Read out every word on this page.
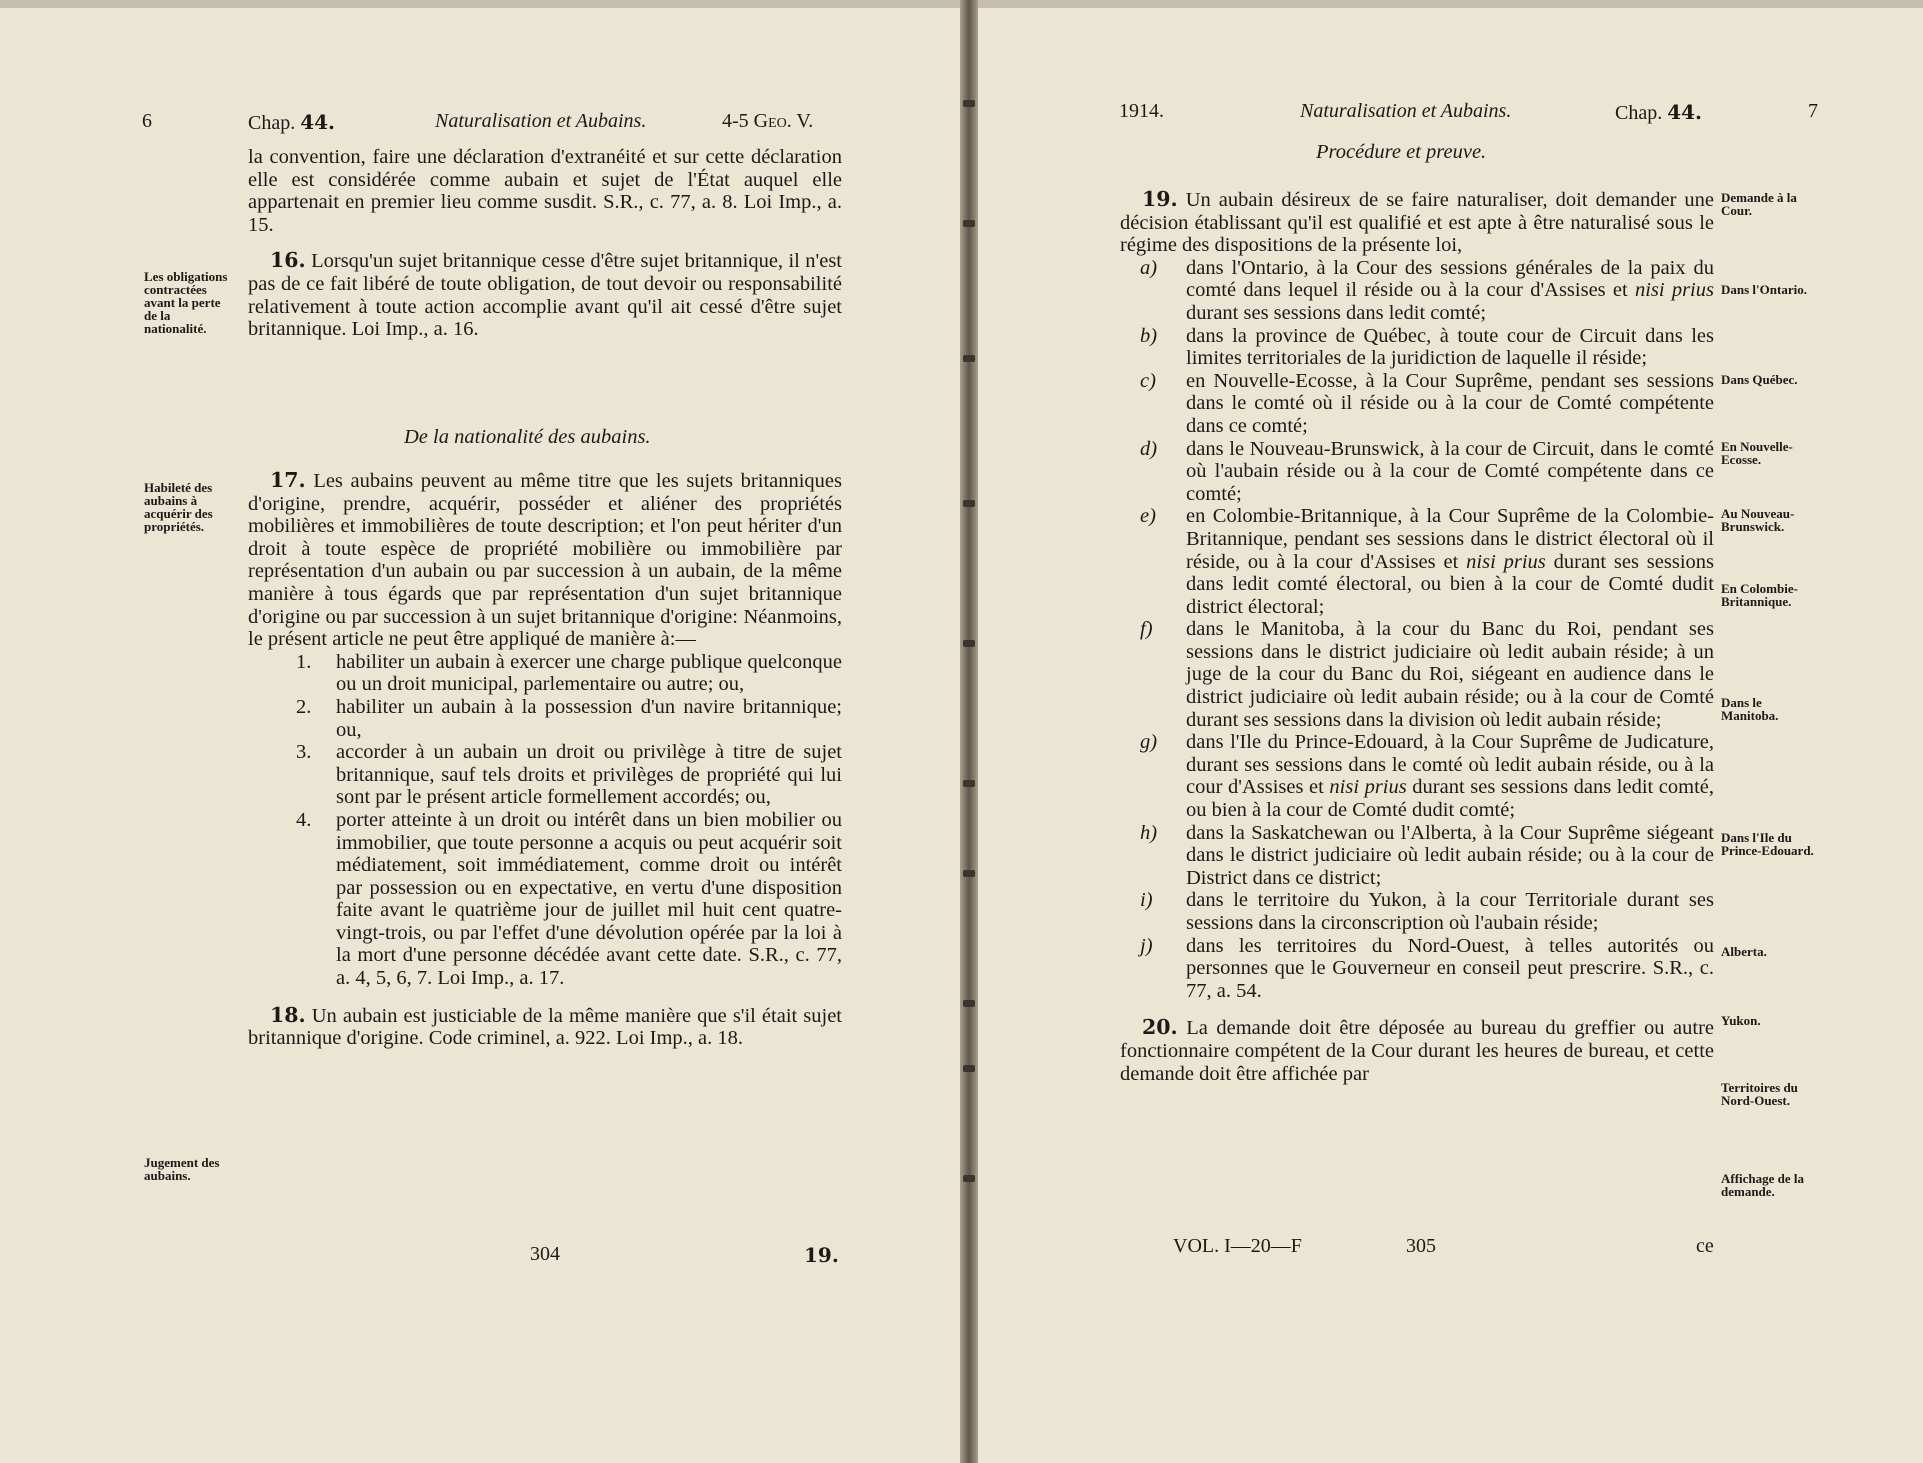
6	Chap. 44.	Naturalisation et Aubains.	4-5 Geo. V.

la convention, faire une déclaration d'extranéité et sur cette déclaration elle est considérée comme aubain et sujet de l'État auquel elle appartenait en premier lieu comme susdit. S.R., c. 77, a. 8. Loi Imp., a. 15.

16. Lorsqu'un sujet britannique cesse d'être sujet britannique, il n'est pas de ce fait libéré de toute obligation, de tout devoir ou responsabilité relativement à toute action accomplie avant qu'il ait cessé d'être sujet britannique. Loi Imp., a. 16.

De la nationalité des aubains.

17. Les aubains peuvent au même titre que les sujets britanniques d'origine, prendre, acquérir, posséder et aliéner des propriétés mobilières et immobilières de toute description; et l'on peut hériter d'un droit à toute espèce de propriété mobilière ou immobilière par représentation d'un aubain ou par succession à un aubain, de la même manière à tous égards que par représentation d'un sujet britannique d'origine ou par succession à un sujet britannique d'origine: Néanmoins, le présent article ne peut être appliqué de manière à:—

1. habiliter un aubain à exercer une charge publique quelconque ou un droit municipal, parlementaire ou autre; ou,
2. habiliter un aubain à la possession d'un navire britannique; ou,
3. accorder à un aubain un droit ou privilège à titre de sujet britannique, sauf tels droits et privilèges de propriété qui lui sont par le présent article formellement accordés; ou,
4. porter atteinte à un droit ou intérêt dans un bien mobilier ou immobilier, que toute personne a acquis ou peut acquérir soit médiatement, soit immédiatement, comme droit ou intérêt par possession ou en expectative, en vertu d'une disposition faite avant le quatrième jour de juillet mil huit cent quatre-vingt-trois, ou par l'effet d'une dévolution opérée par la loi à la mort d'une personne décédée avant cette date. S.R., c. 77, a. 4, 5, 6, 7. Loi Imp., a. 17.

18. Un aubain est justiciable de la même manière que s'il était sujet britannique d'origine. Code criminel, a. 922. Loi Imp., a. 18.

Les obligations contractées avant la perte de la nationalité.
Habileté des aubains à acquérir des propriétés.
Jugement des aubains.
304	19.
1914.	Naturalisation et Aubains.	Chap. 44.	7
Procédure et preuve.

19. Un aubain désireux de se faire naturaliser, doit demander une décision établissant qu'il est qualifié et est apte à être naturalisé sous le régime des dispositions de la présente loi,

a) dans l'Ontario, à la Cour des sessions générales de la paix du comté dans lequel il réside ou à la cour d'Assises et nisi prius durant ses sessions dans ledit comté;
b) dans la province de Québec, à toute cour de Circuit dans les limites territoriales de la juridiction de laquelle il réside;
c) en Nouvelle-Ecosse, à la Cour Suprême, pendant ses sessions dans le comté où il réside ou à la cour de Comté compétente dans ce comté;
d) dans le Nouveau-Brunswick, à la cour de Circuit, dans le comté où l'aubain réside ou à la cour de Comté compétente dans ce comté;
e) en Colombie-Britannique, à la Cour Suprême de la Colombie-Britannique, pendant ses sessions dans le district électoral où il réside, ou à la cour d'Assises et nisi prius durant ses sessions dans ledit comté électoral, ou bien à la cour de Comté dudit district électoral;
f) dans le Manitoba, à la cour du Banc du Roi, pendant ses sessions dans le district judiciaire où ledit aubain réside; à un juge de la cour du Banc du Roi, siégeant en audience dans le district judiciaire où ledit aubain réside; ou à la cour de Comté durant ses sessions dans la division où ledit aubain réside;
g) dans l'Ile du Prince-Edouard, à la Cour Suprême de Judicature, durant ses sessions dans le comté où ledit aubain réside, ou à la cour d'Assises et nisi prius durant ses sessions dans ledit comté, ou bien à la cour de Comté dudit comté;
h) dans la Saskatchewan ou l'Alberta, à la Cour Suprême siégeant dans le district judiciaire où ledit aubain réside; ou à la cour de District dans ce district;
i) dans le territoire du Yukon, à la cour Territoriale durant ses sessions dans la circonscription où l'aubain réside;
j) dans les territoires du Nord-Ouest, à telles autorités ou personnes que le Gouverneur en conseil peut prescrire. S.R., c. 77, a. 54.

20. La demande doit être déposée au bureau du greffier ou autre fonctionnaire compétent de la Cour durant les heures de bureau, et cette demande doit être affichée par

Demande à la Cour.
Dans l'Ontario.
Dans Québec.
En Nouvelle-Ecosse.
Au Nouveau-Brunswick.
En Colombie-Britannique.
Dans le Manitoba.
Dans l'Ile du Prince-Edouard.
Alberta.
Yukon.
Territoires du Nord-Ouest.
Affichage de la demande.
VOL. I—20—F	305	ce
